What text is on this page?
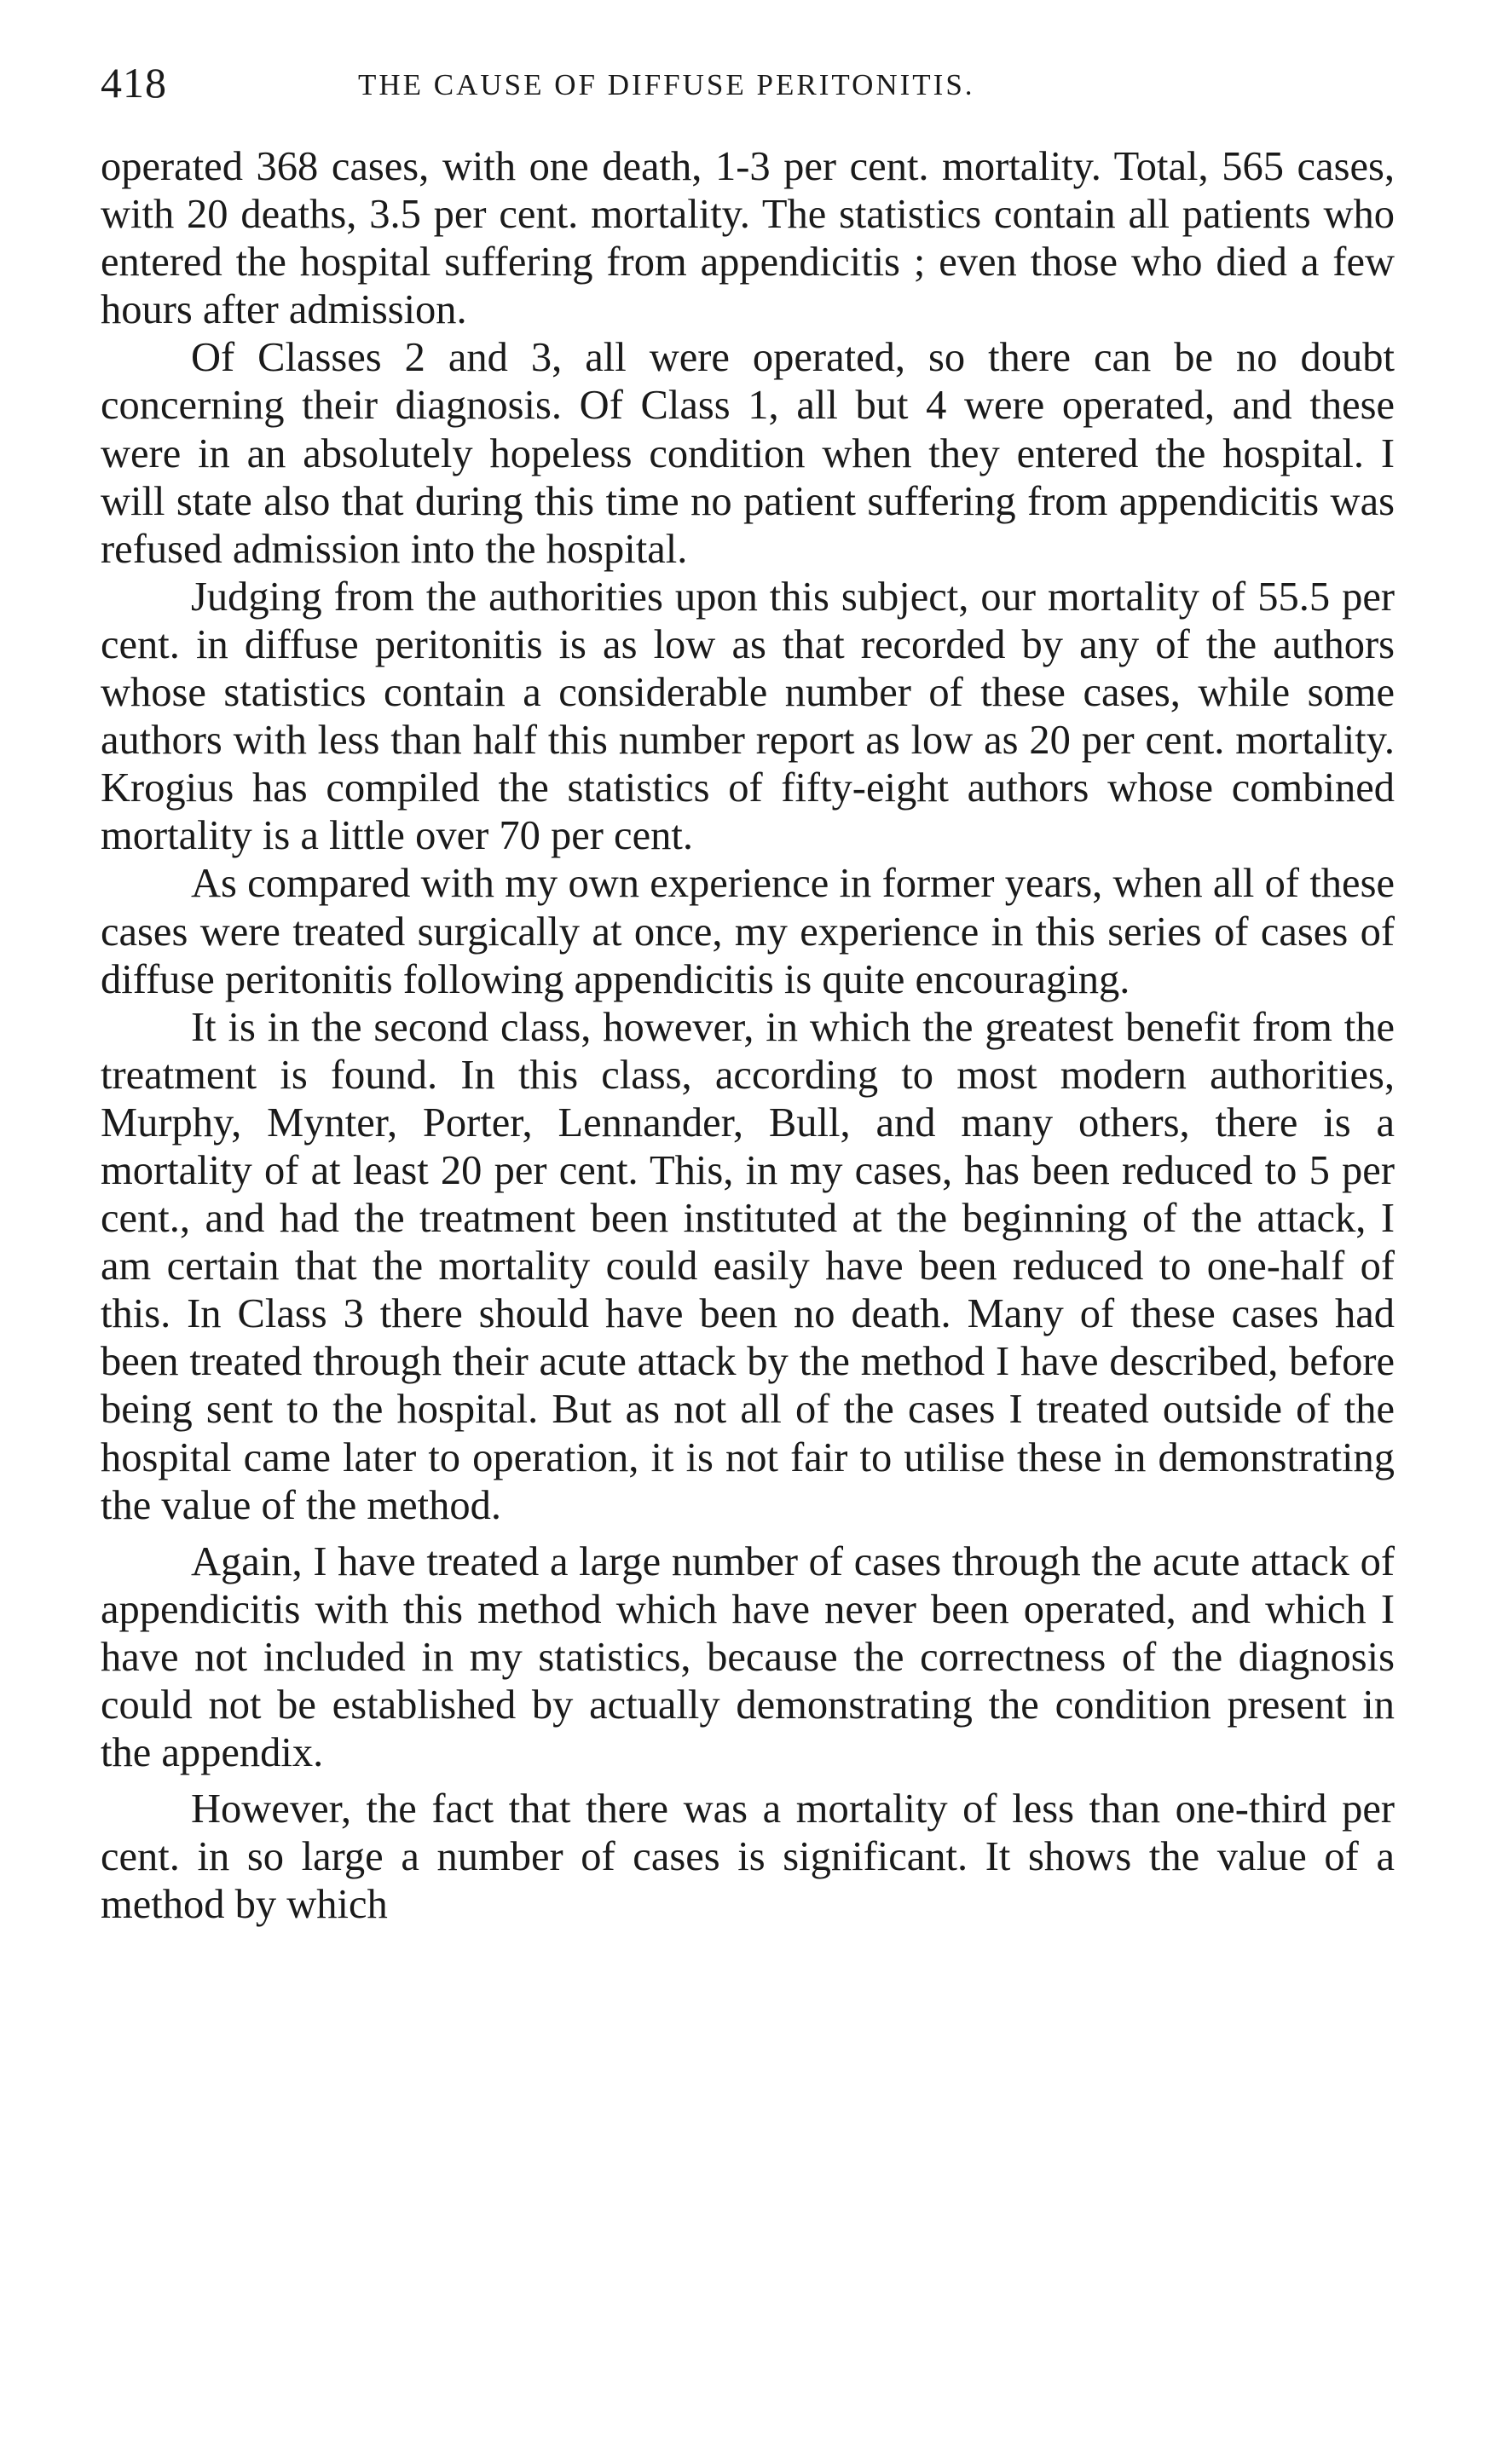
418	THE CAUSE OF DIFFUSE PERITONITIS.

operated 368 cases, with one death, 1-3 per cent. mortality. Total, 565 cases, with 20 deaths, 3.5 per cent. mortality. The statistics contain all patients who entered the hospital suffering from appendicitis ; even those who died a few hours after admission.

Of Classes 2 and 3, all were operated, so there can be no doubt concerning their diagnosis. Of Class 1, all but 4 were operated, and these were in an absolutely hopeless condition when they entered the hospital. I will state also that during this time no patient suffering from appendicitis was refused admission into the hospital.

Judging from the authorities upon this subject, our mortality of 55.5 per cent. in diffuse peritonitis is as low as that recorded by any of the authors whose statistics contain a considerable number of these cases, while some authors with less than half this number report as low as 20 per cent. mortality. Krogius has compiled the statistics of fifty-eight authors whose combined mortality is a little over 70 per cent.

As compared with my own experience in former years, when all of these cases were treated surgically at once, my experience in this series of cases of diffuse peritonitis following appendicitis is quite encouraging.

It is in the second class, however, in which the greatest benefit from the treatment is found. In this class, according to most modern authorities, Murphy, Mynter, Porter, Lennander, Bull, and many others, there is a mortality of at least 20 per cent. This, in my cases, has been reduced to 5 per cent., and had the treatment been instituted at the beginning of the attack, I am certain that the mortality could easily have been reduced to one-half of this. In Class 3 there should have been no death. Many of these cases had been treated through their acute attack by the method I have described, before being sent to the hospital. But as not all of the cases I treated outside of the hospital came later to operation, it is not fair to utilise these in demonstrating the value of the method.

Again, I have treated a large number of cases through the acute attack of appendicitis with this method which have never been operated, and which I have not included in my statistics, because the correctness of the diagnosis could not be established by actually demonstrating the condition present in the appendix.

However, the fact that there was a mortality of less than one-third per cent. in so large a number of cases is significant. It shows the value of a method by which
